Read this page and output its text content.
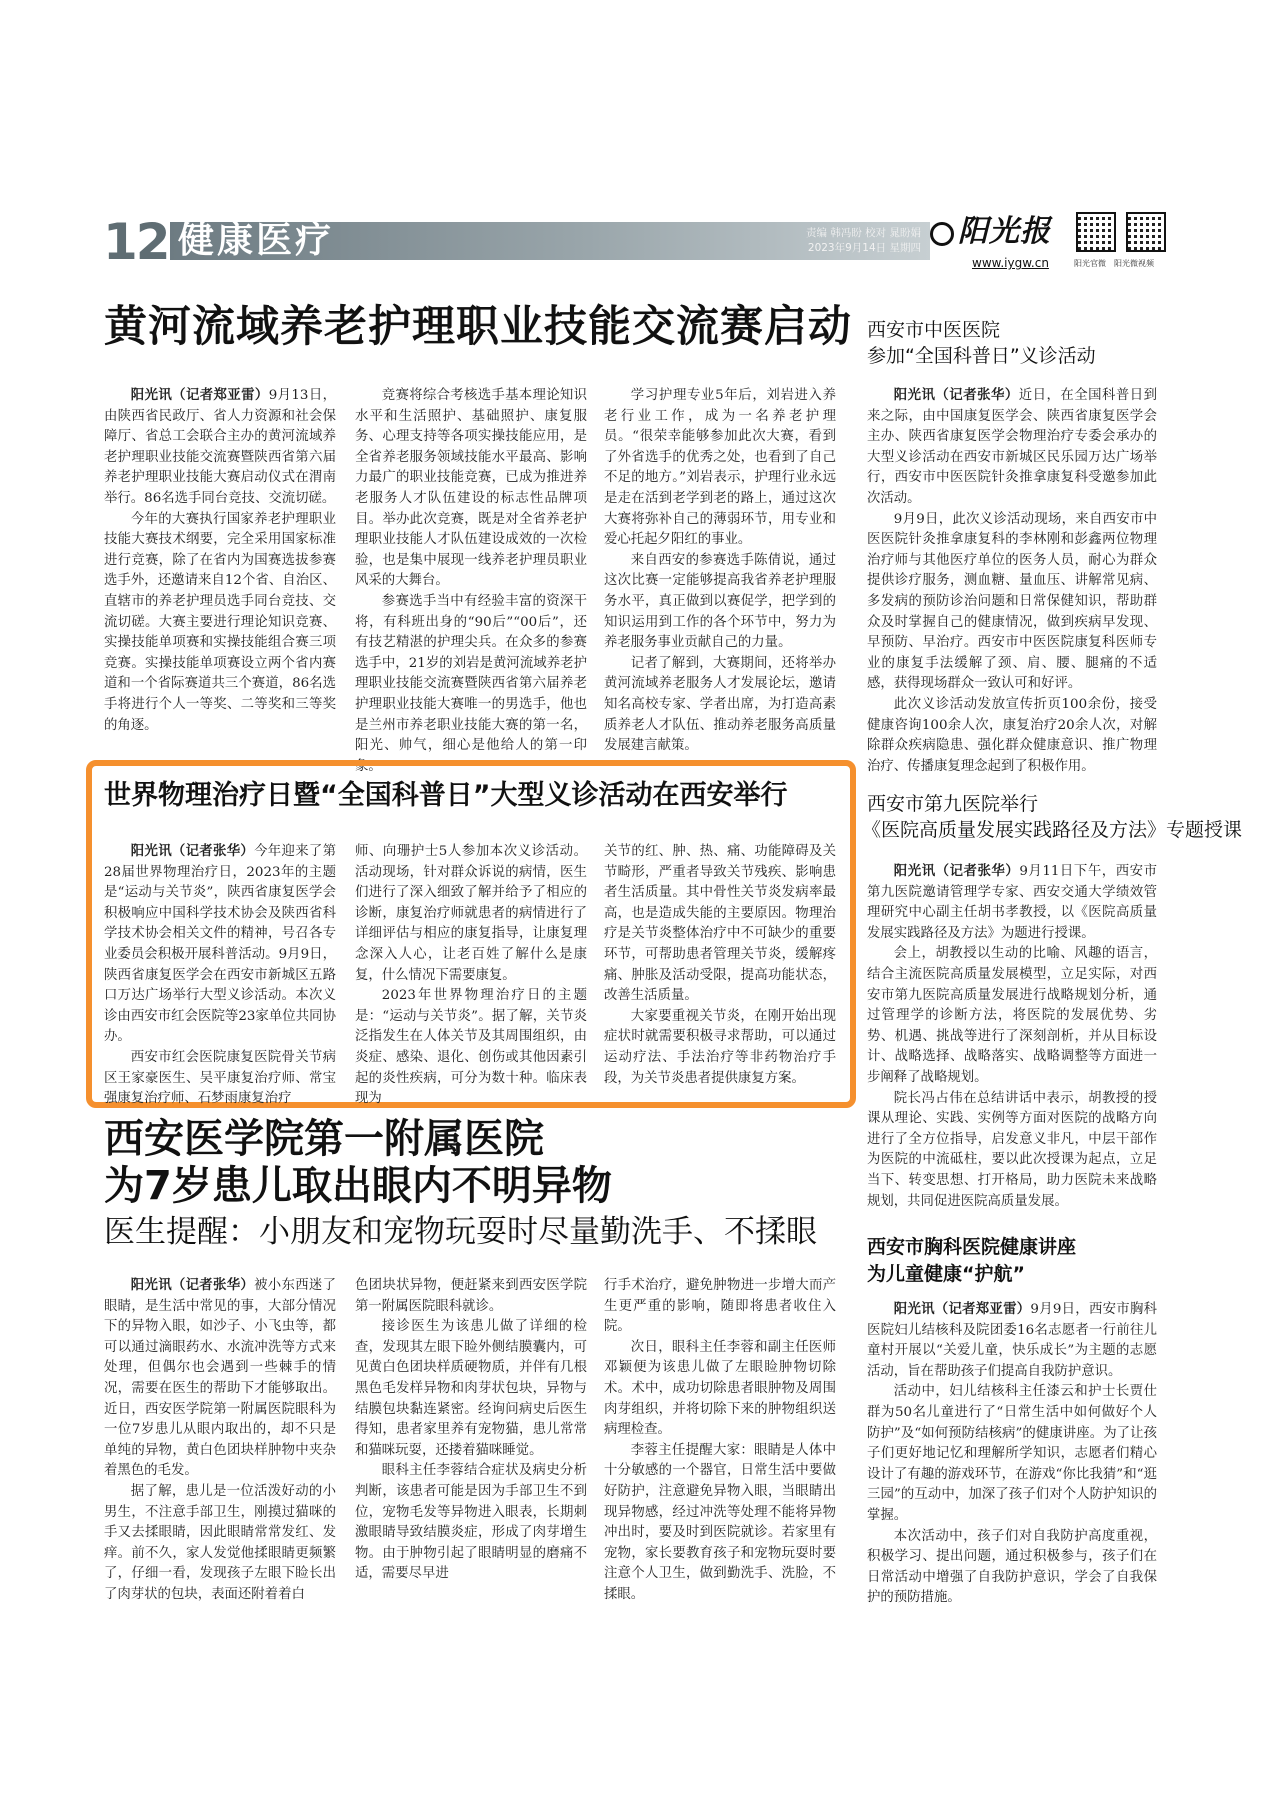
12 健康医疗	责编 韩冯盼 校对 晁盼娟
2023年9月14日 星期四 阳光报
www.iygw.cn	阳光官微 阳光微视频
黄河流域养老护理职业技能交流赛启动

阳光讯（记者郑亚雷）9月13日，由陕西省民政厅、省人力资源和社会保障厅、省总工会联合主办的黄河流域养老护理职业技能交流赛暨陕西省第六届养老护理职业技能大赛启动仪式在渭南举行。86名选手同台竞技、交流切磋。

今年的大赛执行国家养老护理职业技能大赛技术纲要，完全采用国家标准进行竞赛，除了在省内为国赛选拔参赛选手外，还邀请来自12个省、自治区、直辖市的养老护理员选手同台竞技、交流切磋。大赛主要进行理论知识竞赛、实操技能单项赛和实操技能组合赛三项竞赛。实操技能单项赛设立两个省内赛道和一个省际赛道共三个赛道，86名选手将进行个人一等奖、二等奖和三等奖的角逐。

竞赛将综合考核选手基本理论知识水平和生活照护、基础照护、康复服务、心理支持等各项实操技能应用，是全省养老服务领域技能水平最高、影响力最广的职业技能竞赛，已成为推进养老服务人才队伍建设的标志性品牌项目。举办此次竞赛，既是对全省养老护理职业技能人才队伍建设成效的一次检验，也是集中展现一线养老护理员职业风采的大舞台。

参赛选手当中有经验丰富的资深干将，有科班出身的“90后”“00后”，还有技艺精湛的护理尖兵。在众多的参赛选手中，21岁的刘岩是黄河流域养老护理职业技能交流赛暨陕西省第六届养老护理职业技能大赛唯一的男选手，他也是兰州市养老职业技能大赛的第一名，阳光、帅气，细心是他给人的第一印象。

学习护理专业5年后，刘岩进入养老行业工作，成为一名养老护理员。“很荣幸能够参加此次大赛，看到了外省选手的优秀之处，也看到了自己不足的地方。”刘岩表示，护理行业永远是走在活到老学到老的路上，通过这次大赛将弥补自己的薄弱环节，用专业和爱心托起夕阳红的事业。

来自西安的参赛选手陈倩说，通过这次比赛一定能够提高我省养老护理服务水平，真正做到以赛促学，把学到的知识运用到工作的各个环节中，努力为养老服务事业贡献自己的力量。

记者了解到，大赛期间，还将举办黄河流域养老服务人才发展论坛，邀请知名高校专家、学者出席，为打造高素质养老人才队伍、推动养老服务高质量发展建言献策。

世界物理治疗日暨“全国科普日”大型义诊活动在西安举行

阳光讯（记者张华）今年迎来了第28届世界物理治疗日，2023年的主题是“运动与关节炎”，陕西省康复医学会积极响应中国科学技术协会及陕西省科学技术协会相关文件的精神，号召各专业委员会积极开展科普活动。9月9日，陕西省康复医学会在西安市新城区五路口万达广场举行大型义诊活动。本次义诊由西安市红会医院等23家单位共同协办。

西安市红会医院康复医院骨关节病区王家豪医生、吴平康复治疗师、常宝强康复治疗师、石梦雨康复治疗

师、向珊护士5人参加本次义诊活动。活动现场，针对群众诉说的病情，医生们进行了深入细致了解并给予了相应的诊断，康复治疗师就患者的病情进行了详细评估与相应的康复指导，让康复理念深入人心，让老百姓了解什么是康复，什么情况下需要康复。

2023年世界物理治疗日的主题是：“运动与关节炎”。据了解，关节炎泛指发生在人体关节及其周围组织，由炎症、感染、退化、创伤或其他因素引起的炎性疾病，可分为数十种。临床表现为

关节的红、肿、热、痛、功能障碍及关节畸形，严重者导致关节残疾、影响患者生活质量。其中骨性关节炎发病率最高，也是造成失能的主要原因。物理治疗是关节炎整体治疗中不可缺少的重要环节，可帮助患者管理关节炎，缓解疼痛、肿胀及活动受限，提高功能状态，改善生活质量。

大家要重视关节炎，在刚开始出现症状时就需要积极寻求帮助，可以通过运动疗法、手法治疗等非药物治疗手段，为关节炎患者提供康复方案。

西安医学院第一附属医院
为7岁患儿取出眼内不明异物
医生提醒：小朋友和宠物玩耍时尽量勤洗手、不揉眼

阳光讯（记者张华）被小东西迷了眼睛，是生活中常见的事，大部分情况下的异物入眼，如沙子、小飞虫等，都可以通过滴眼药水、水流冲洗等方式来处理，但偶尔也会遇到一些棘手的情况，需要在医生的帮助下才能够取出。近日，西安医学院第一附属医院眼科为一位7岁患儿从眼内取出的，却不只是单纯的异物，黄白色团块样肿物中夹杂着黑色的毛发。

据了解，患儿是一位活泼好动的小男生，不注意手部卫生，刚摸过猫咪的手又去揉眼睛，因此眼睛常常发红、发痒。前不久，家人发觉他揉眼睛更频繁了，仔细一看，发现孩子左眼下睑长出了肉芽状的包块，表面还附着着白

色团块状异物，便赶紧来到西安医学院第一附属医院眼科就诊。

接诊医生为该患儿做了详细的检查，发现其左眼下睑外侧结膜囊内，可见黄白色团块样质硬物质，并伴有几根黑色毛发样异物和肉芽状包块，异物与结膜包块黏连紧密。经询问病史后医生得知，患者家里养有宠物猫，患儿常常和猫咪玩耍，还搂着猫咪睡觉。

眼科主任李蓉结合症状及病史分析判断，该患者可能是因为手部卫生不到位，宠物毛发等异物进入眼表，长期刺激眼睛导致结膜炎症，形成了肉芽增生物。由于肿物引起了眼睛明显的磨痛不适，需要尽早进

行手术治疗，避免肿物进一步增大而产生更严重的影响，随即将患者收住入院。

次日，眼科主任李蓉和副主任医师邓颖便为该患儿做了左眼睑肿物切除术。术中，成功切除患者眼肿物及周围肉芽组织，并将切除下来的肿物组织送病理检查。

李蓉主任提醒大家：眼睛是人体中十分敏感的一个器官，日常生活中要做好防护，注意避免异物入眼，当眼睛出现异物感，经过冲洗等处理不能将异物冲出时，要及时到医院就诊。若家里有宠物，家长要教育孩子和宠物玩耍时要注意个人卫生，做到勤洗手、洗脸，不揉眼。

西安市中医医院
参加“全国科普日”义诊活动

阳光讯（记者张华）近日，在全国科普日到来之际，由中国康复医学会、陕西省康复医学会主办、陕西省康复医学会物理治疗专委会承办的大型义诊活动在西安市新城区民乐园万达广场举行，西安市中医医院针灸推拿康复科受邀参加此次活动。

9月9日，此次义诊活动现场，来自西安市中医医院针灸推拿康复科的李林刚和彭鑫两位物理治疗师与其他医疗单位的医务人员，耐心为群众提供诊疗服务，测血糖、量血压、讲解常见病、多发病的预防诊治问题和日常保健知识，帮助群众及时掌握自己的健康情况，做到疾病早发现、早预防、早治疗。西安市中医医院康复科医师专业的康复手法缓解了颈、肩、腰、腿痛的不适感，获得现场群众一致认可和好评。

此次义诊活动发放宣传折页100余份，接受健康咨询100余人次，康复治疗20余人次，对解除群众疾病隐患、强化群众健康意识、推广物理治疗、传播康复理念起到了积极作用。

西安市第九医院举行
《医院高质量发展实践路径及方法》专题授课

阳光讯（记者张华）9月11日下午，西安市第九医院邀请管理学专家、西安交通大学绩效管理研究中心副主任胡书孝教授，以《医院高质量发展实践路径及方法》为题进行授课。

会上，胡教授以生动的比喻、风趣的语言，结合主流医院高质量发展模型，立足实际，对西安市第九医院高质量发展进行战略规划分析，通过管理学的诊断方法，将医院的发展优势、劣势、机遇、挑战等进行了深刻剖析，并从目标设计、战略选择、战略落实、战略调整等方面进一步阐释了战略规划。

院长冯占伟在总结讲话中表示，胡教授的授课从理论、实践、实例等方面对医院的战略方向进行了全方位指导，启发意义非凡，中层干部作为医院的中流砥柱，要以此次授课为起点，立足当下、转变思想、打开格局，助力医院未来战略规划，共同促进医院高质量发展。

西安市胸科医院健康讲座
为儿童健康“护航”

阳光讯（记者郑亚雷）9月9日，西安市胸科医院妇儿结核科及院团委16名志愿者一行前往儿童村开展以“关爱儿童，快乐成长”为主题的志愿活动，旨在帮助孩子们提高自我防护意识。

活动中，妇儿结核科主任漆云和护士长贾仕群为50名儿童进行了“日常生活中如何做好个人防护”及“如何预防结核病”的健康讲座。为了让孩子们更好地记忆和理解所学知识，志愿者们精心设计了有趣的游戏环节，在游戏“你比我猜”和“逛三园”的互动中，加深了孩子们对个人防护知识的掌握。

本次活动中，孩子们对自我防护高度重视，积极学习、提出问题，通过积极参与，孩子们在日常活动中增强了自我防护意识，学会了自我保护的预防措施。
